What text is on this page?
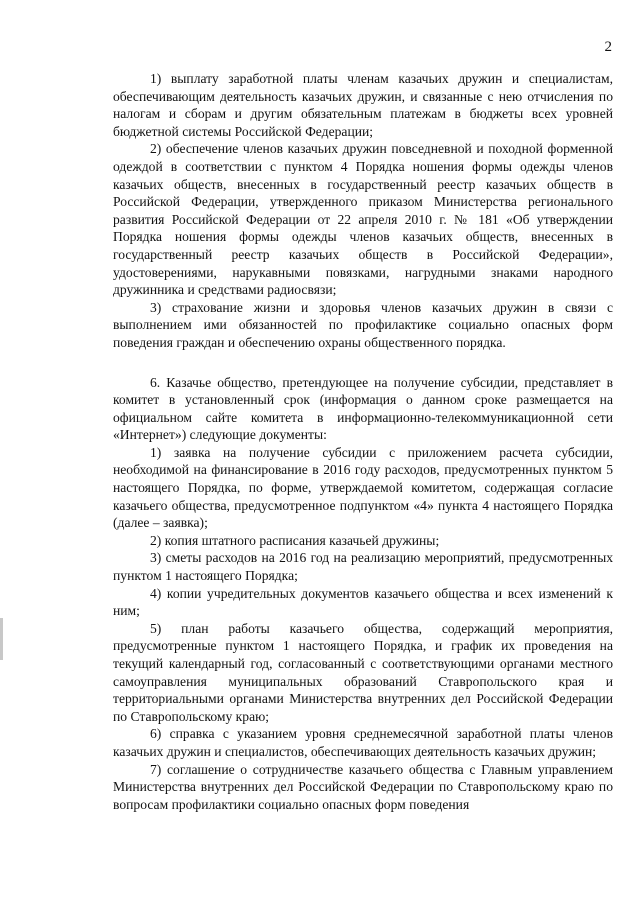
2

1) выплату заработной платы членам казачьих дружин и специалистам, обеспечивающим деятельность казачьих дружин, и связанные с нею отчисления по налогам и сборам и другим обязательным платежам в бюджеты всех уровней бюджетной системы Российской Федерации;

2) обеспечение членов казачьих дружин повседневной и походной форменной одеждой в соответствии с пунктом 4 Порядка ношения формы одежды членов казачьих обществ, внесенных в государственный реестр казачьих обществ в Российской Федерации, утвержденного приказом Министерства регионального развития Российской Федерации от 22 апреля 2010 г. № 181 «Об утверждении Порядка ношения формы одежды членов казачьих обществ, внесенных в государственный реестр казачьих обществ в Российской Федерации», удостоверениями, нарукавными повязками, нагрудными знаками народного дружинника и средствами радиосвязи;

3) страхование жизни и здоровья членов казачьих дружин в связи с выполнением ими обязанностей по профилактике социально опасных форм поведения граждан и обеспечению охраны общественного порядка.

6. Казачье общество, претендующее на получение субсидии, представляет в комитет в установленный срок (информация о данном сроке размещается на официальном сайте комитета в информационно-телекоммуникационной сети «Интернет») следующие документы:

1) заявка на получение субсидии с приложением расчета субсидии, необходимой на финансирование в 2016 году расходов, предусмотренных пунктом 5 настоящего Порядка, по форме, утверждаемой комитетом, содержащая согласие казачьего общества, предусмотренное подпунктом «4» пункта 4 настоящего Порядка (далее – заявка);

2) копия штатного расписания казачьей дружины;

3) сметы расходов на 2016 год на реализацию мероприятий, предусмотренных пунктом 1 настоящего Порядка;

4) копии учредительных документов казачьего общества и всех изменений к ним;

5) план работы казачьего общества, содержащий мероприятия, предусмотренные пунктом 1 настоящего Порядка, и график их проведения на текущий календарный год, согласованный с соответствующими органами местного самоуправления муниципальных образований Ставропольского края и территориальными органами Министерства внутренних дел Российской Федерации по Ставропольскому краю;

6) справка с указанием уровня среднемесячной заработной платы членов казачьих дружин и специалистов, обеспечивающих деятельность казачьих дружин;

7) соглашение о сотрудничестве казачьего общества с Главным управлением Министерства внутренних дел Российской Федерации по Ставропольскому краю по вопросам профилактики социально опасных форм поведения
